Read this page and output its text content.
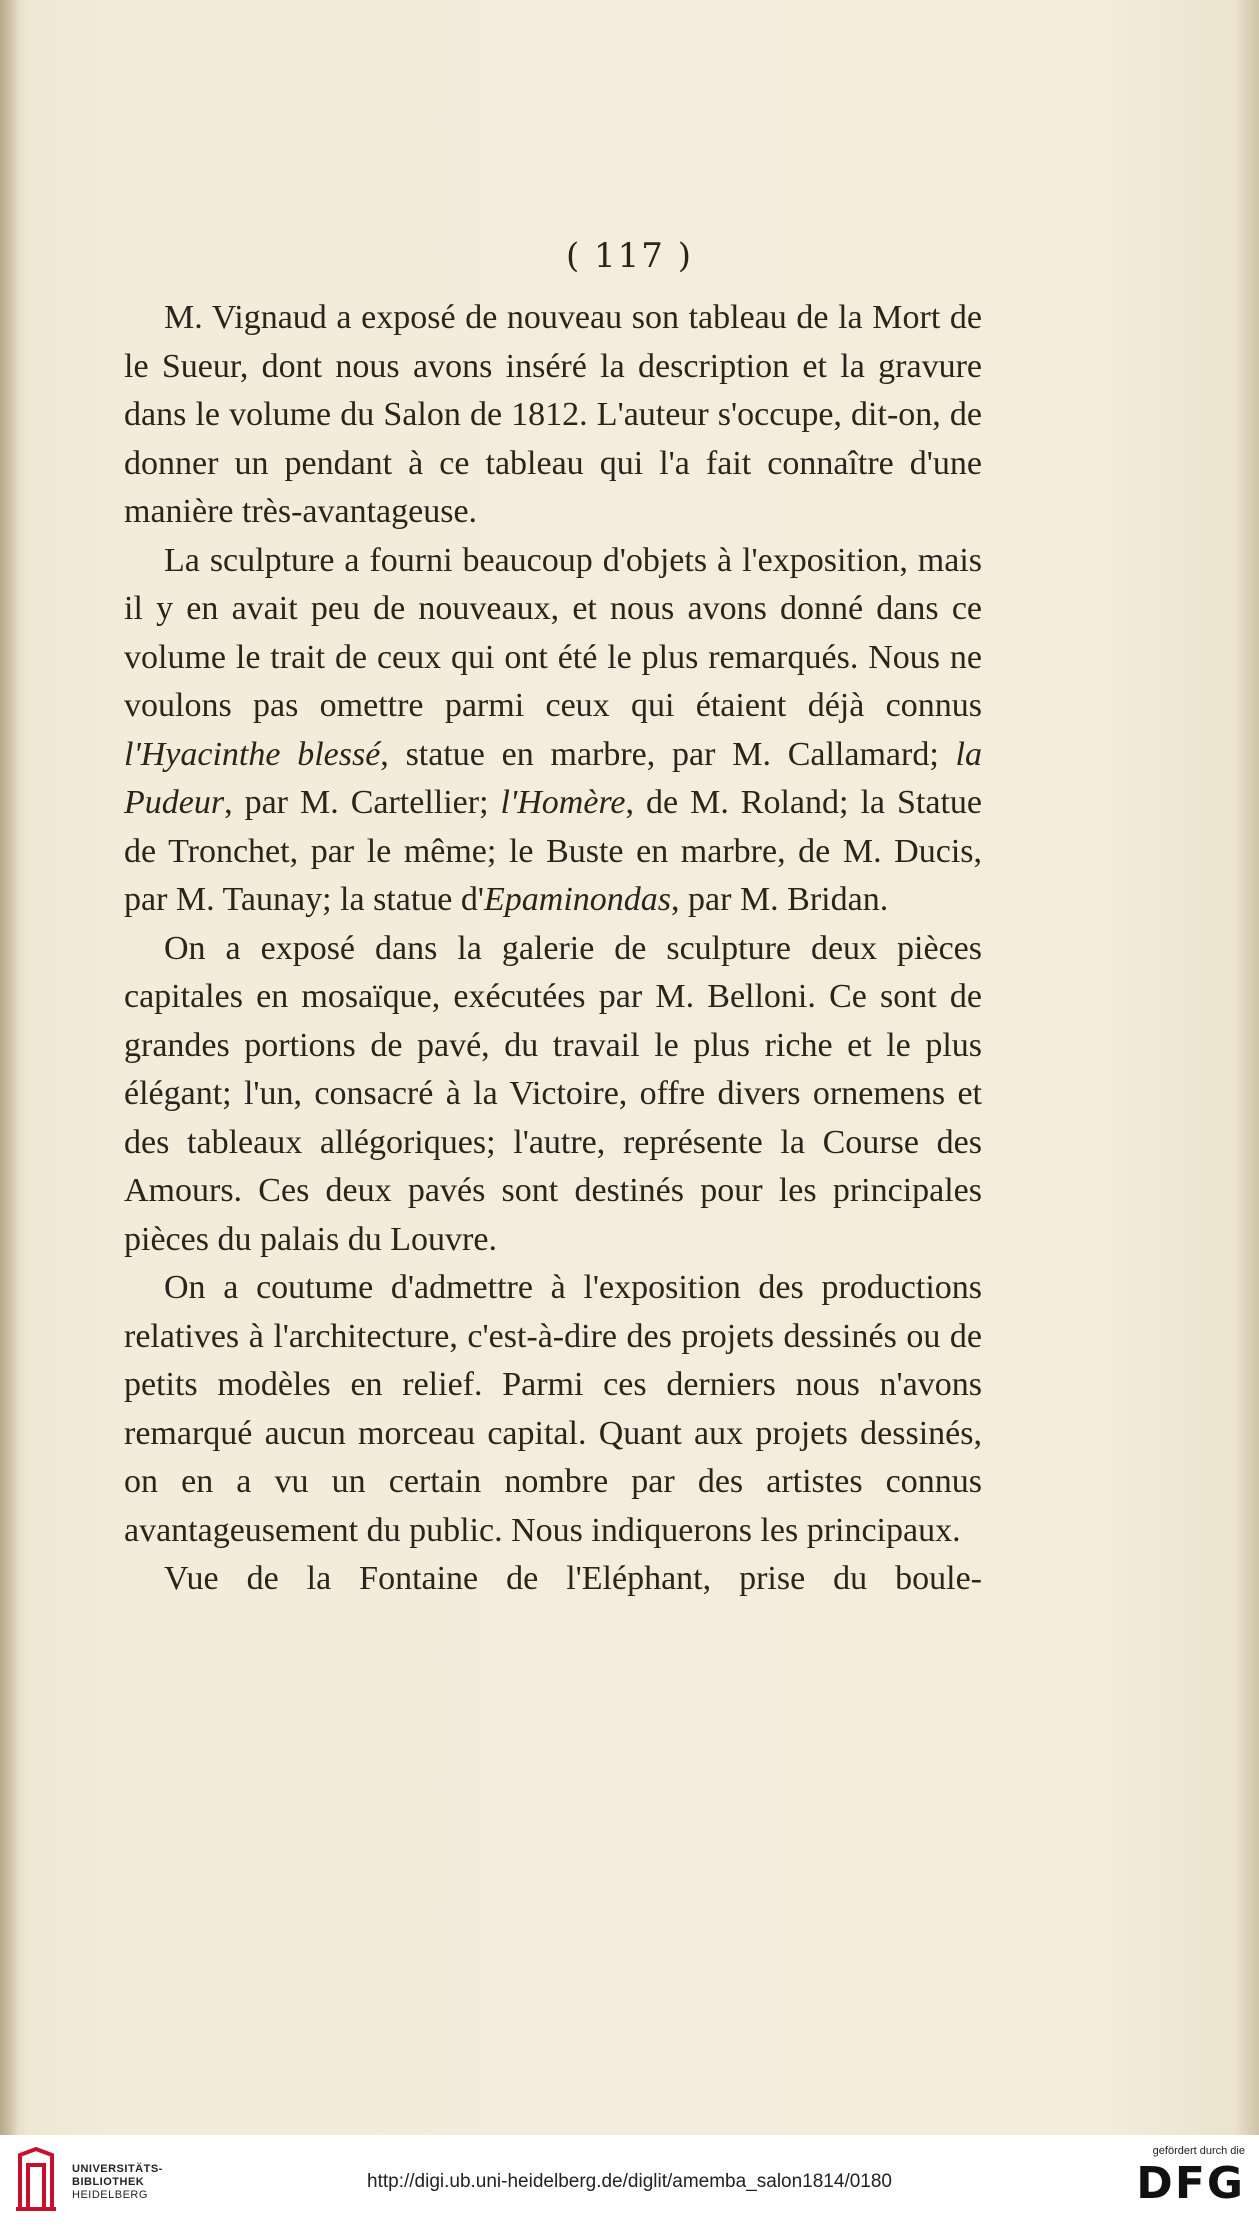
( 117 )

M. Vignaud a exposé de nouveau son tableau de la Mort de le Sueur, dont nous avons inséré la description et la gravure dans le volume du Salon de 1812. L'auteur s'occupe, dit-on, de donner un pendant à ce tableau qui l'a fait connaître d'une manière très-avantageuse.

La sculpture a fourni beaucoup d'objets à l'exposition, mais il y en avait peu de nouveaux, et nous avons donné dans ce volume le trait de ceux qui ont été le plus remarqués. Nous ne voulons pas omettre parmi ceux qui étaient déjà connus l'Hyacinthe blessé, statue en marbre, par M. Callamard; la Pudeur, par M. Cartellier; l'Homère, de M. Roland; la Statue de Tronchet, par le même; le Buste en marbre, de M. Ducis, par M. Taunay; la statue d'Epaminondas, par M. Bridan.

On a exposé dans la galerie de sculpture deux pièces capitales en mosaïque, exécutées par M. Belloni. Ce sont de grandes portions de pavé, du travail le plus riche et le plus élégant; l'un, consacré à la Victoire, offre divers ornemens et des tableaux allégoriques; l'autre, représente la Course des Amours. Ces deux pavés sont destinés pour les principales pièces du palais du Louvre.

On a coutume d'admettre à l'exposition des productions relatives à l'architecture, c'est-à-dire des projets dessinés ou de petits modèles en relief. Parmi ces derniers nous n'avons remarqué aucun morceau capital. Quant aux projets dessinés, on en a vu un certain nombre par des artistes connus avantageusement du public. Nous indiquerons les principaux.

Vue de la Fontaine de l'Eléphant, prise du boule-

UNIVERSITÄTS-
BIBLIOTHEK
HEIDELBERG
http://digi.ub.uni-heidelberg.de/diglit/amemba_salon1814/0180
gefördert durch die
DFG
